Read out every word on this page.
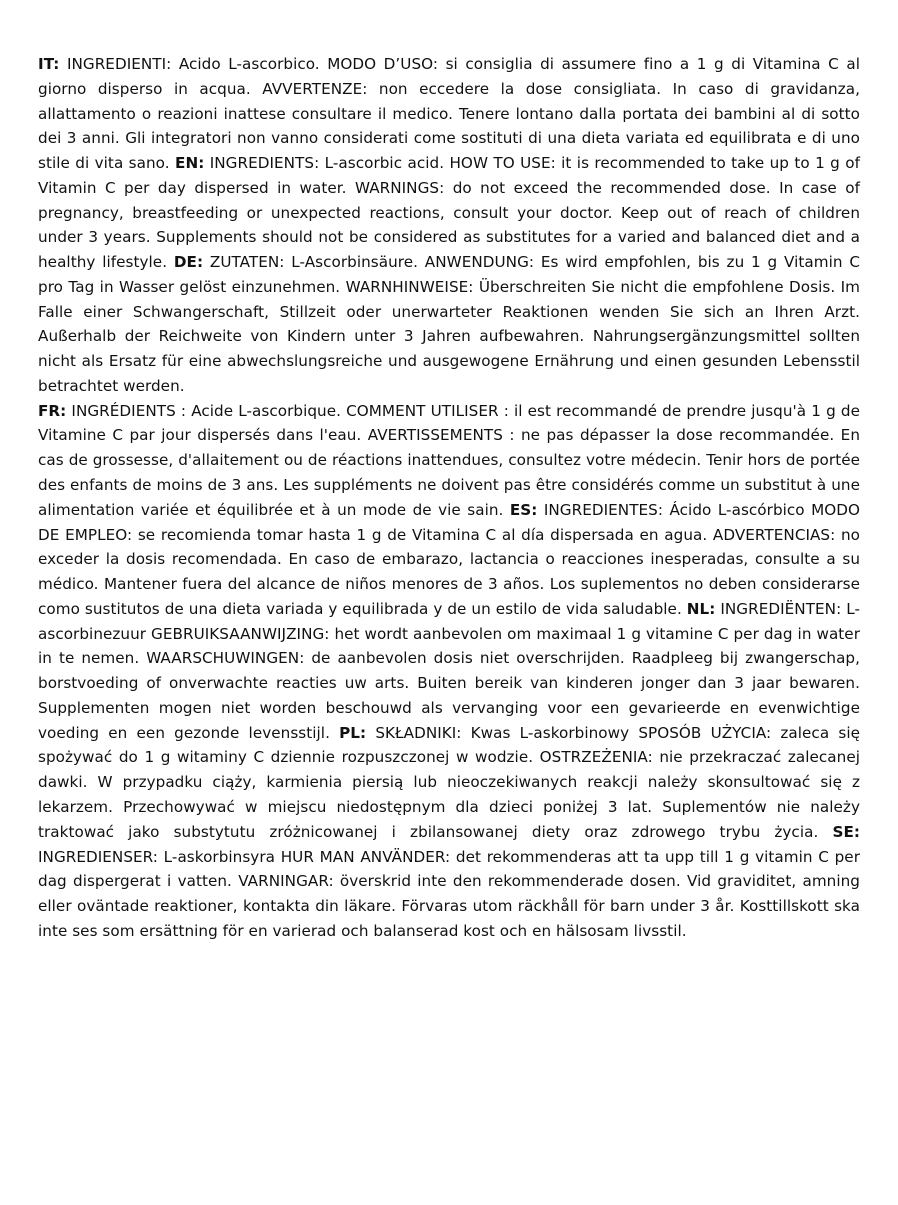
IT: INGREDIENTI: Acido L-ascorbico. MODO D’USO: si consiglia di assumere fino a 1 g di Vitamina C al giorno disperso in acqua. AVVERTENZE: non eccedere la dose consigliata. In caso di gravidanza, allattamento o reazioni inattese consultare il medico. Tenere lontano dalla portata dei bambini al di sotto dei 3 anni. Gli integratori non vanno considerati come sostituti di una dieta variata ed equilibrata e di uno stile di vita sano. EN: INGREDIENTS: L-ascorbic acid. HOW TO USE: it is recommended to take up to 1 g of Vitamin C per day dispersed in water. WARNINGS: do not exceed the recommended dose. In case of pregnancy, breastfeeding or unexpected reactions, consult your doctor. Keep out of reach of children under 3 years. Supplements should not be considered as substitutes for a varied and balanced diet and a healthy lifestyle. DE: ZUTATEN: L-Ascorbinsäure. ANWENDUNG: Es wird empfohlen, bis zu 1 g Vitamin C pro Tag in Wasser gelöst einzunehmen. WARNHINWEISE: Überschreiten Sie nicht die empfohlene Dosis. Im Falle einer Schwangerschaft, Stillzeit oder unerwarteter Reaktionen wenden Sie sich an Ihren Arzt. Außerhalb der Reichweite von Kindern unter 3 Jahren aufbewahren. Nahrungsergänzungsmittel sollten nicht als Ersatz für eine abwechslungsreiche und ausgewogene Ernährung und einen gesunden Lebensstil betrachtet werden.

FR: INGRÉDIENTS : Acide L-ascorbique. COMMENT UTILISER : il est recommandé de prendre jusqu'à 1 g de Vitamine C par jour dispersés dans l'eau. AVERTISSEMENTS : ne pas dépasser la dose recommandée. En cas de grossesse, d'allaitement ou de réactions inattendues, consultez votre médecin. Tenir hors de portée des enfants de moins de 3 ans. Les suppléments ne doivent pas être considérés comme un substitut à une alimentation variée et équilibrée et à un mode de vie sain. ES: INGREDIENTES: Ácido L-ascórbico MODO DE EMPLEO: se recomienda tomar hasta 1 g de Vitamina C al día dispersada en agua. ADVERTENCIAS: no exceder la dosis recomendada. En caso de embarazo, lactancia o reacciones inesperadas, consulte a su médico. Mantener fuera del alcance de niños menores de 3 años. Los suplementos no deben considerarse como sustitutos de una dieta variada y equilibrada y de un estilo de vida saludable. NL: INGREDIËNTEN: L-ascorbinezuur GEBRUIKSAANWIJZING: het wordt aanbevolen om maximaal 1 g vitamine C per dag in water in te nemen. WAARSCHUWINGEN: de aanbevolen dosis niet overschrijden. Raadpleeg bij zwangerschap, borstvoeding of onverwachte reacties uw arts. Buiten bereik van kinderen jonger dan 3 jaar bewaren. Supplementen mogen niet worden beschouwd als vervanging voor een gevarieerde en evenwichtige voeding en een gezonde levensstijl. PL: SKŁADNIKI: Kwas L-askorbinowy SPOSÓB UŻYCIA: zaleca się spożywać do 1 g witaminy C dziennie rozpuszczonej w wodzie. OSTRZEŻENIA: nie przekraczać zalecanej dawki. W przypadku ciąży, karmienia piersią lub nieoczekiwanych reakcji należy skonsultować się z lekarzem. Przechowywać w miejscu niedostępnym dla dzieci poniżej 3 lat. Suplementów nie należy traktować jako substytutu zróżnicowanej i zbilansowanej diety oraz zdrowego trybu życia. SE: INGREDIENSER: L-askorbinsyra HUR MAN ANVÄNDER: det rekommenderas att ta upp till 1 g vitamin C per dag dispergerat i vatten. VARNINGAR: överskrid inte den rekommenderade dosen. Vid graviditet, amning eller oväntade reaktioner, kontakta din läkare. Förvaras utom räckhåll för barn under 3 år. Kosttillskott ska inte ses som ersättning för en varierad och balanserad kost och en hälsosam livsstil.
